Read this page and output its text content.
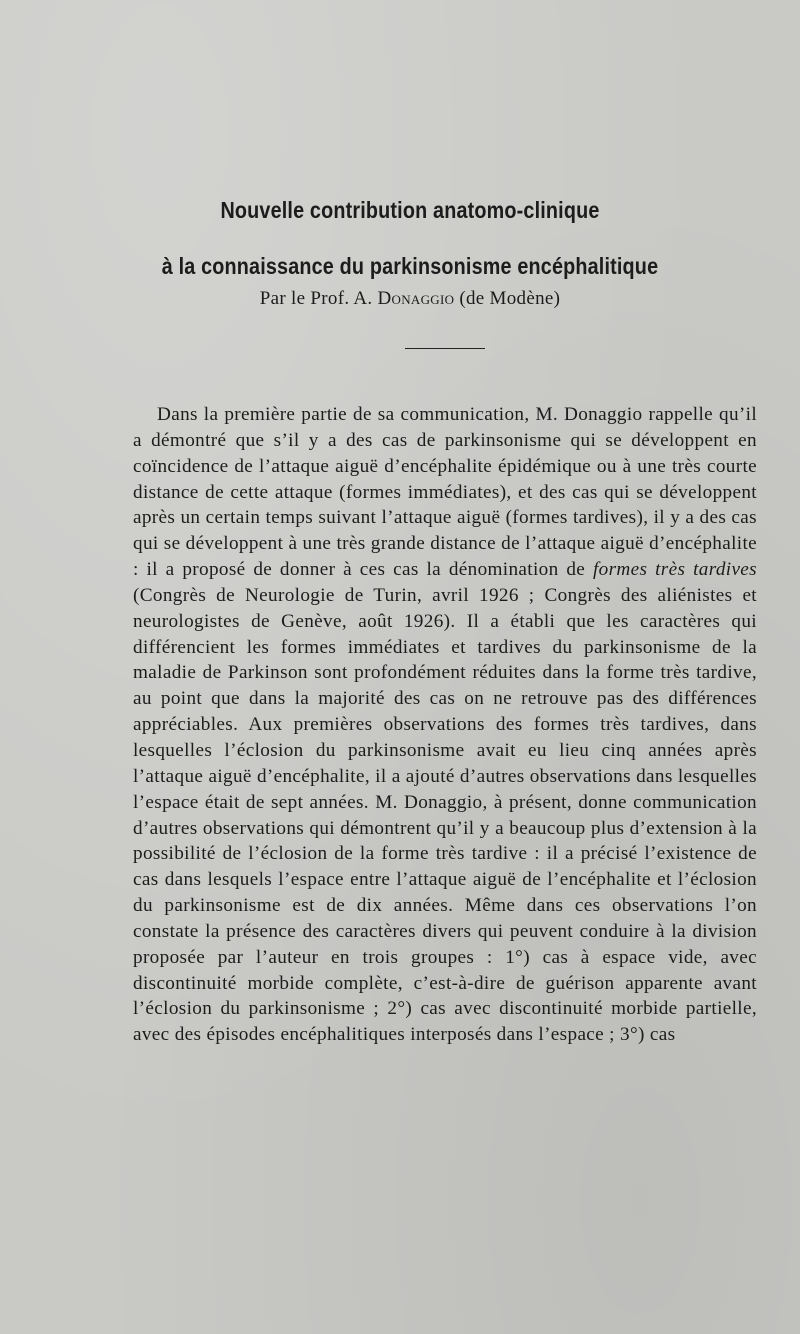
Nouvelle contribution anatomo-clinique
à la connaissance du parkinsonisme encéphalitique
Par le Prof. A. Donaggio (de Modène)
Dans la première partie de sa communication, M. Donaggio rappelle qu’il a démontré que s’il y a des cas de parkinsonisme qui se développent en coïncidence de l’attaque aiguë d’encéphalite épidémique ou à une très courte distance de cette attaque (formes immédiates), et des cas qui se développent après un certain temps suivant l’attaque aiguë (formes tardives), il y a des cas qui se développent à une très grande distance de l’attaque aiguë d’encéphalite : il a proposé de donner à ces cas la dénomination de formes très tardives (Congrès de Neurologie de Turin, avril 1926 ; Congrès des aliénistes et neurologistes de Genève, août 1926). Il a établi que les caractères qui différencient les formes immédiates et tardives du parkinsonisme de la maladie de Parkinson sont profondément réduites dans la forme très tardive, au point que dans la majorité des cas on ne retrouve pas des différences appréciables. Aux premières observations des formes très tardives, dans lesquelles l’éclosion du parkinsonisme avait eu lieu cinq années après l’attaque aiguë d’encéphalite, il a ajouté d’autres observations dans lesquelles l’espace était de sept années. M. Donaggio, à présent, donne communication d’autres observations qui démontrent qu’il y a beaucoup plus d’extension à la possibilité de l’éclosion de la forme très tardive : il a précisé l’existence de cas dans lesquels l’espace entre l’attaque aiguë de l’encéphalite et l’éclosion du parkinsonisme est de dix années. Même dans ces observations l’on constate la présence des caractères divers qui peuvent conduire à la division proposée par l’auteur en trois groupes : 1°) cas à espace vide, avec discontinuité morbide complète, c’est-à-dire de guérison apparente avant l’éclosion du parkinsonisme ; 2°) cas avec discontinuité morbide partielle, avec des épisodes encéphalitiques interposés dans l’espace ; 3°) cas
